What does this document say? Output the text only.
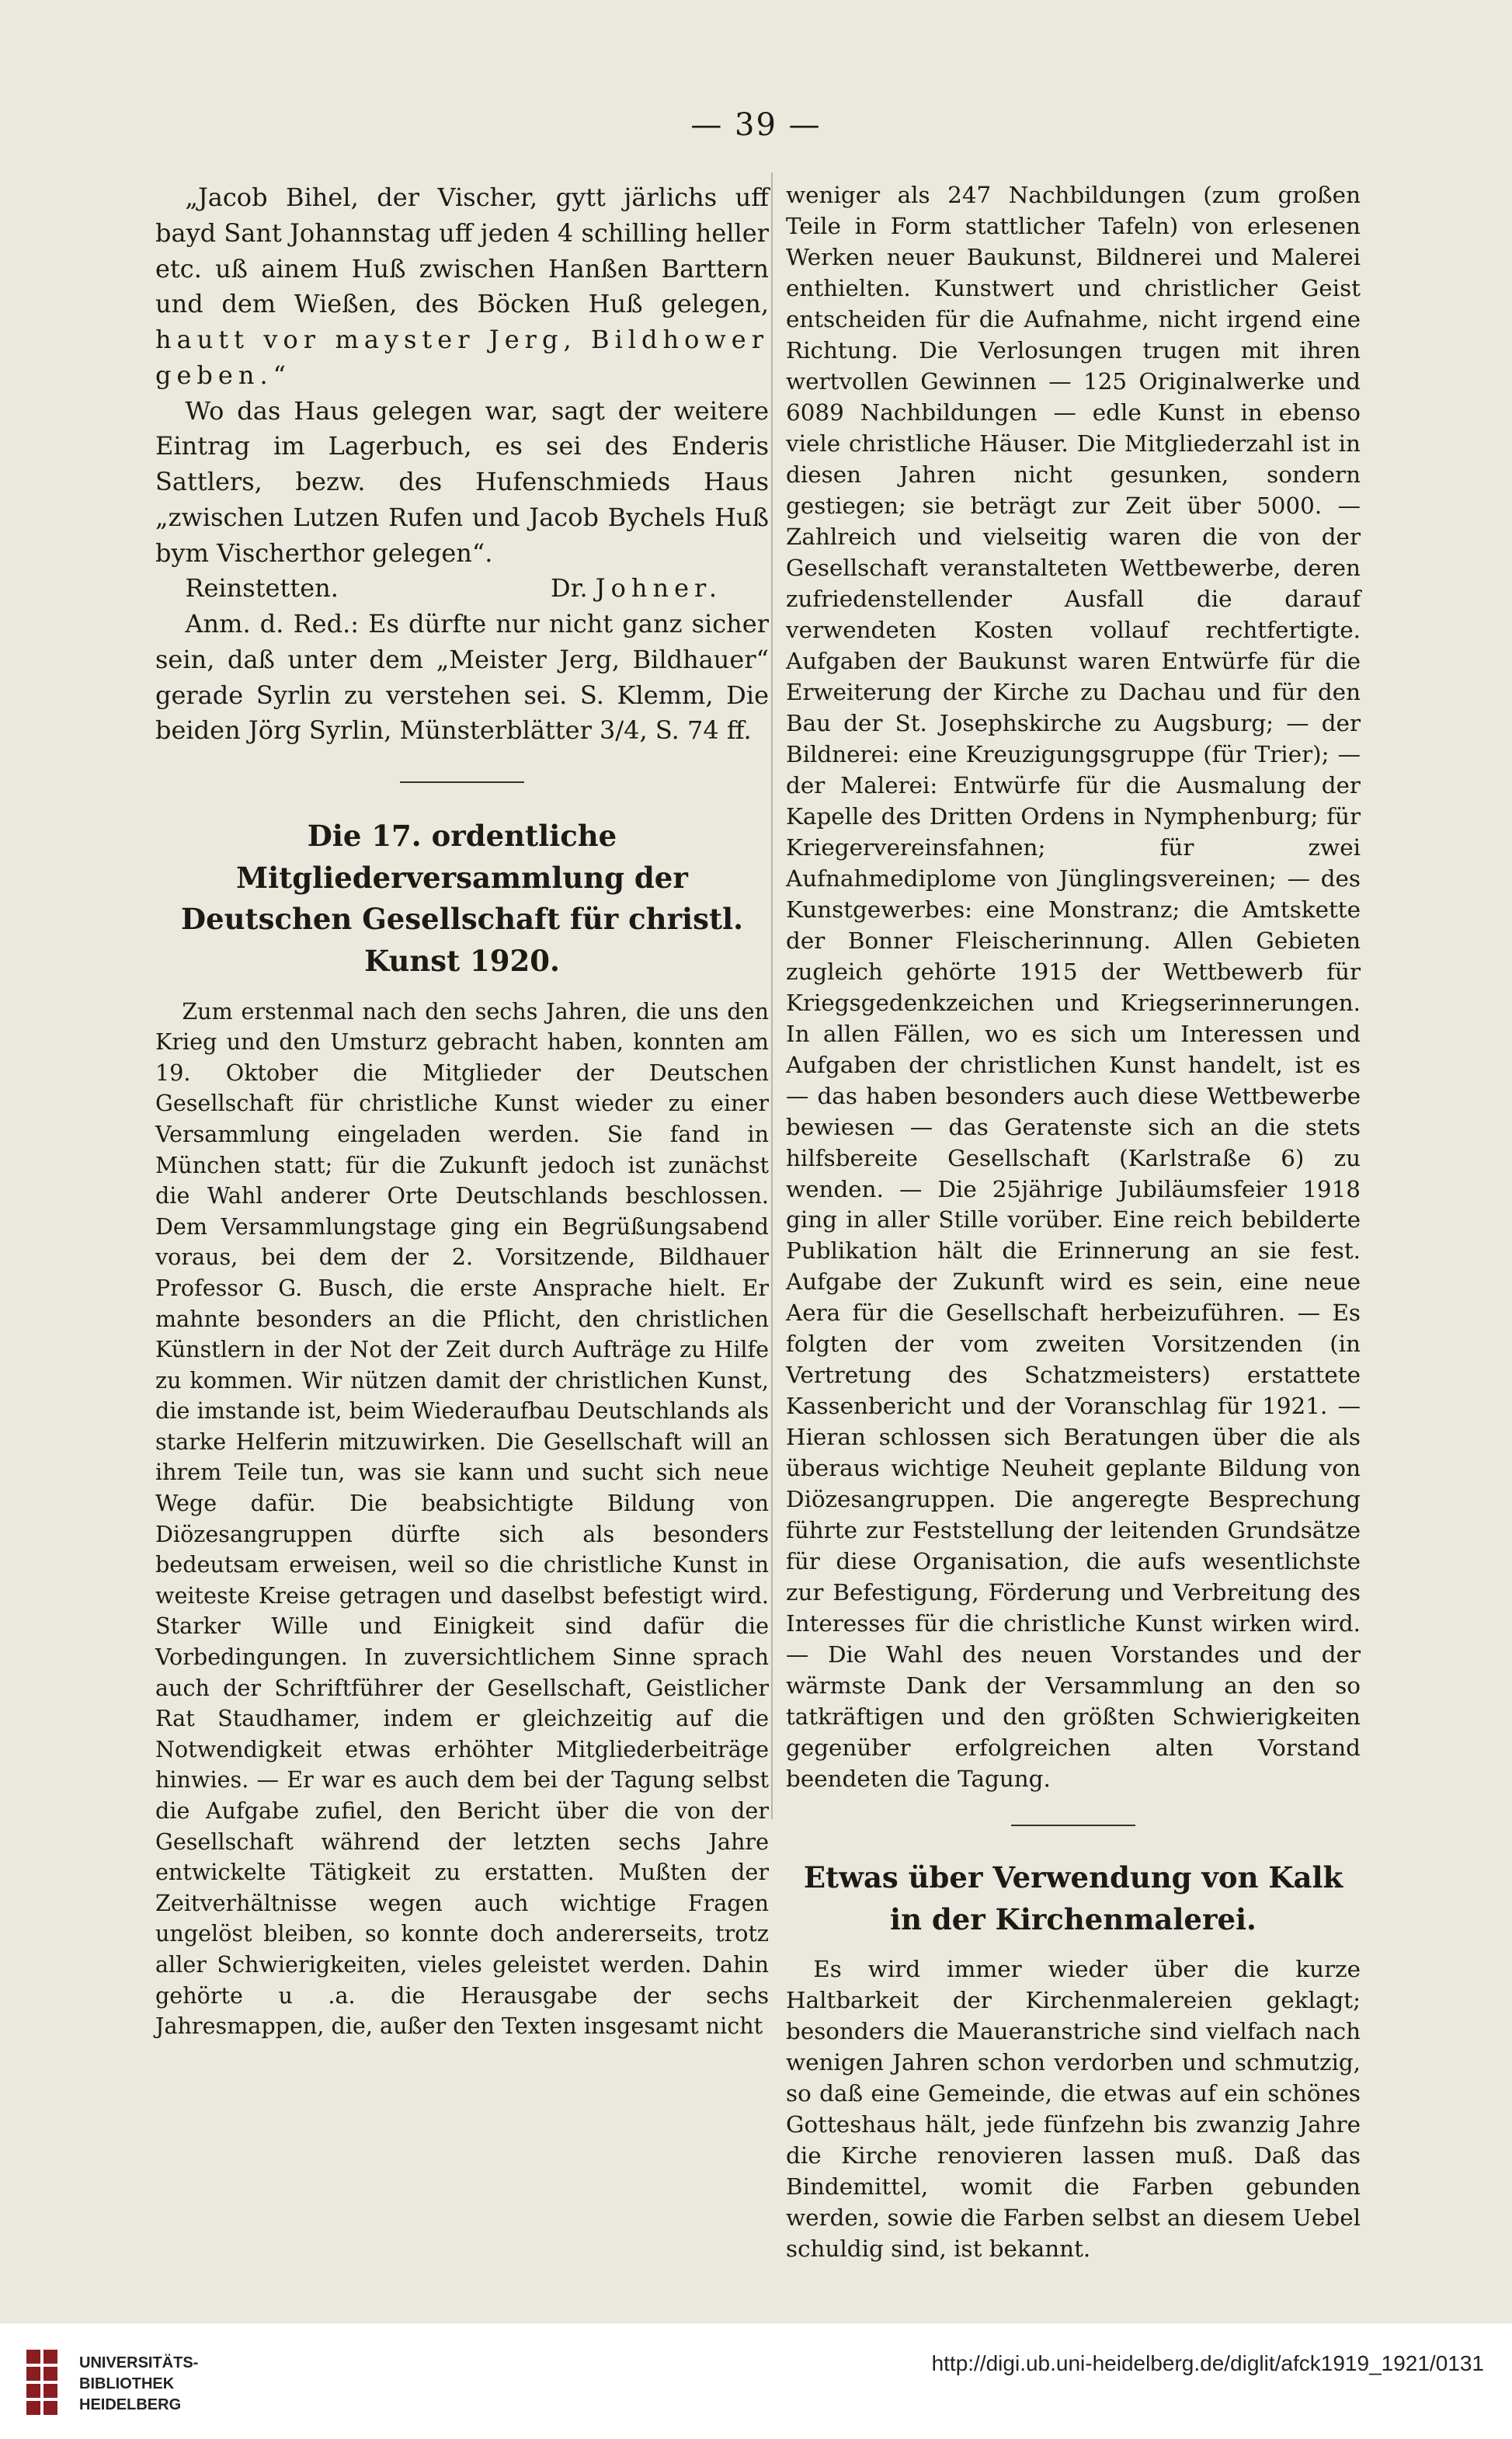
— 39 —

„Jacob Bihel, der Vischer, gytt järlichs uff bayd Sant Johannstag uff jeden 4 schilling heller etc. uß ainem Huß zwischen Hanßen Barttern und dem Wießen, des Böcken Huß gelegen, hautt vor mayster Jerg, Bildhower geben.“

Wo das Haus gelegen war, sagt der weitere Eintrag im Lagerbuch, es sei des Enderis Sattlers, bezw. des Hufenschmieds Haus „zwischen Lutzen Rufen und Jacob Bychels Huß bym Vischerthor gelegen“.

Reinstetten.	Dr. Johner.

Anm. d. Red.: Es dürfte nur nicht ganz sicher sein, daß unter dem „Meister Jerg, Bildhauer“ gerade Syrlin zu verstehen sei. S. Klemm, Die beiden Jörg Syrlin, Münsterblätter 3/4, S. 74 ff.

Die 17. ordentliche Mitgliederversammlung der Deutschen Gesellschaft für christl. Kunst 1920.

Zum erstenmal nach den sechs Jahren, die uns den Krieg und den Umsturz gebracht haben, konnten am 19. Oktober die Mitglieder der Deutschen Gesellschaft für christliche Kunst wieder zu einer Versammlung eingeladen werden. Sie fand in München statt; für die Zukunft jedoch ist zunächst die Wahl anderer Orte Deutschlands beschlossen. Dem Versammlungstage ging ein Begrüßungsabend voraus, bei dem der 2. Vorsitzende, Bildhauer Professor G. Busch, die erste Ansprache hielt. Er mahnte besonders an die Pflicht, den christlichen Künstlern in der Not der Zeit durch Aufträge zu Hilfe zu kommen. Wir nützen damit der christlichen Kunst, die imstande ist, beim Wiederaufbau Deutschlands als starke Helferin mitzuwirken. Die Gesellschaft will an ihrem Teile tun, was sie kann und sucht sich neue Wege dafür. Die beabsichtigte Bildung von Diözesangruppen dürfte sich als besonders bedeutsam erweisen, weil so die christliche Kunst in weiteste Kreise getragen und daselbst befestigt wird. Starker Wille und Einigkeit sind dafür die Vorbedingungen. In zuversichtlichem Sinne sprach auch der Schriftführer der Gesellschaft, Geistlicher Rat Staudhamer, indem er gleichzeitig auf die Notwendigkeit etwas erhöhter Mitgliederbeiträge hinwies. — Er war es auch dem bei der Tagung selbst die Aufgabe zufiel, den Bericht über die von der Gesellschaft während der letzten sechs Jahre entwickelte Tätigkeit zu erstatten. Mußten der Zeitverhältnisse wegen auch wichtige Fragen ungelöst bleiben, so konnte doch andererseits, trotz aller Schwierigkeiten, vieles geleistet werden. Dahin gehörte u .a. die Herausgabe der sechs Jahresmappen, die, außer den Texten insgesamt nicht

weniger als 247 Nachbildungen (zum großen Teile in Form stattlicher Tafeln) von erlesenen Werken neuer Baukunst, Bildnerei und Malerei enthielten. Kunstwert und christlicher Geist entscheiden für die Aufnahme, nicht irgend eine Richtung. Die Verlosungen trugen mit ihren wertvollen Gewinnen — 125 Originalwerke und 6089 Nachbildungen — edle Kunst in ebenso viele christliche Häuser. Die Mitgliederzahl ist in diesen Jahren nicht gesunken, sondern gestiegen; sie beträgt zur Zeit über 5000. — Zahlreich und vielseitig waren die von der Gesellschaft veranstalteten Wettbewerbe, deren zufriedenstellender Ausfall die darauf verwendeten Kosten vollauf rechtfertigte. Aufgaben der Baukunst waren Entwürfe für die Erweiterung der Kirche zu Dachau und für den Bau der St. Josephskirche zu Augsburg; — der Bildnerei: eine Kreuzigungsgruppe (für Trier); — der Malerei: Entwürfe für die Ausmalung der Kapelle des Dritten Ordens in Nymphenburg; für Kriegervereinsfahnen; für zwei Aufnahmediplome von Jünglingsvereinen; — des Kunstgewerbes: eine Monstranz; die Amtskette der Bonner Fleischerinnung. Allen Gebieten zugleich gehörte 1915 der Wettbewerb für Kriegsgedenkzeichen und Kriegserinnerungen. In allen Fällen, wo es sich um Interessen und Aufgaben der christlichen Kunst handelt, ist es — das haben besonders auch diese Wettbewerbe bewiesen — das Geratenste sich an die stets hilfsbereite Gesellschaft (Karlstraße 6) zu wenden. — Die 25jährige Jubiläumsfeier 1918 ging in aller Stille vorüber. Eine reich bebilderte Publikation hält die Erinnerung an sie fest. Aufgabe der Zukunft wird es sein, eine neue Aera für die Gesellschaft herbeizuführen. — Es folgten der vom zweiten Vorsitzenden (in Vertretung des Schatzmeisters) erstattete Kassenbericht und der Voranschlag für 1921. — Hieran schlossen sich Beratungen über die als überaus wichtige Neuheit geplante Bildung von Diözesangruppen. Die angeregte Besprechung führte zur Feststellung der leitenden Grundsätze für diese Organisation, die aufs wesentlichste zur Befestigung, Förderung und Verbreitung des Interesses für die christliche Kunst wirken wird. — Die Wahl des neuen Vorstandes und der wärmste Dank der Versammlung an den so tatkräftigen und den größten Schwierigkeiten gegenüber erfolgreichen alten Vorstand beendeten die Tagung.

Etwas über Verwendung von Kalk in der Kirchenmalerei.

Es wird immer wieder über die kurze Haltbarkeit der Kirchenmalereien geklagt; besonders die Maueranstriche sind vielfach nach wenigen Jahren schon verdorben und schmutzig, so daß eine Gemeinde, die etwas auf ein schönes Gotteshaus hält, jede fünfzehn bis zwanzig Jahre die Kirche renovieren lassen muß. Daß das Bindemittel, womit die Farben gebunden werden, sowie die Farben selbst an diesem Uebel schuldig sind, ist bekannt.

UNIVERSITÄTS-
BIBLIOTHEK
HEIDELBERG
http://digi.ub.uni-heidelberg.de/diglit/afck1919_1921/0131
